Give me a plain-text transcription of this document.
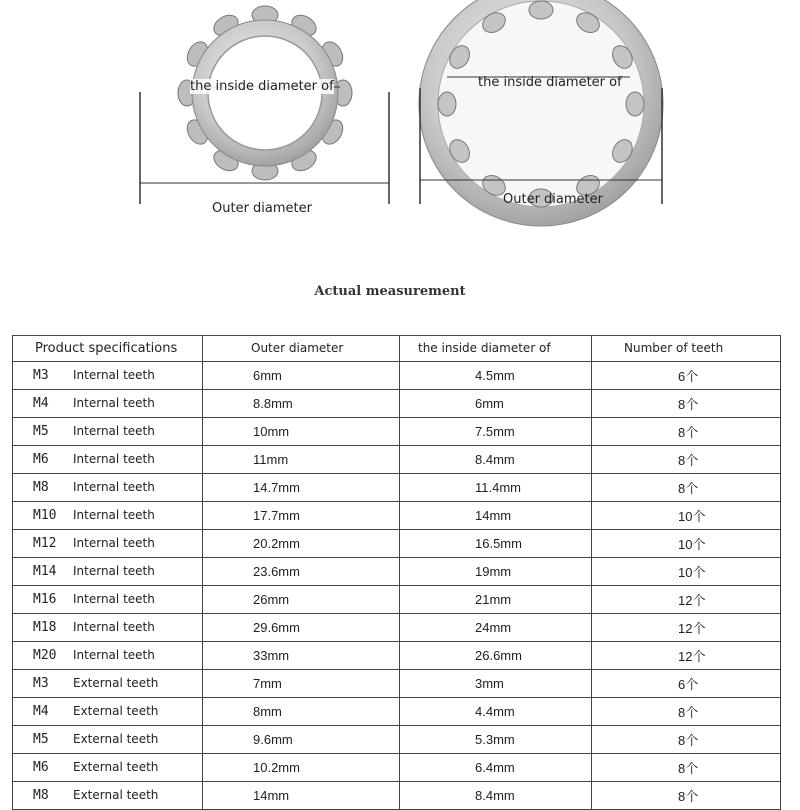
the inside diameter of
Outer diameter
the inside diameter of
Outer diameter
Actual measurement
Product specifications	Outer diameter	the inside diameter of	Number of teeth
M3 Internal teeth	6mm	4.5mm	6个
M4 Internal teeth	8.8mm	6mm	8个
M5 Internal teeth	10mm	7.5mm	8个
M6 Internal teeth	11mm	8.4mm	8个
M8 Internal teeth	14.7mm	11.4mm	8个
M10 Internal teeth	17.7mm	14mm	10个
M12 Internal teeth	20.2mm	16.5mm	10个
M14 Internal teeth	23.6mm	19mm	10个
M16 Internal teeth	26mm	21mm	12个
M18 Internal teeth	29.6mm	24mm	12个
M20 Internal teeth	33mm	26.6mm	12个
M3 External teeth	7mm	3mm	6个
M4 External teeth	8mm	4.4mm	8个
M5 External teeth	9.6mm	5.3mm	8个
M6 External teeth	10.2mm	6.4mm	8个
M8 External teeth	14mm	8.4mm	8个
